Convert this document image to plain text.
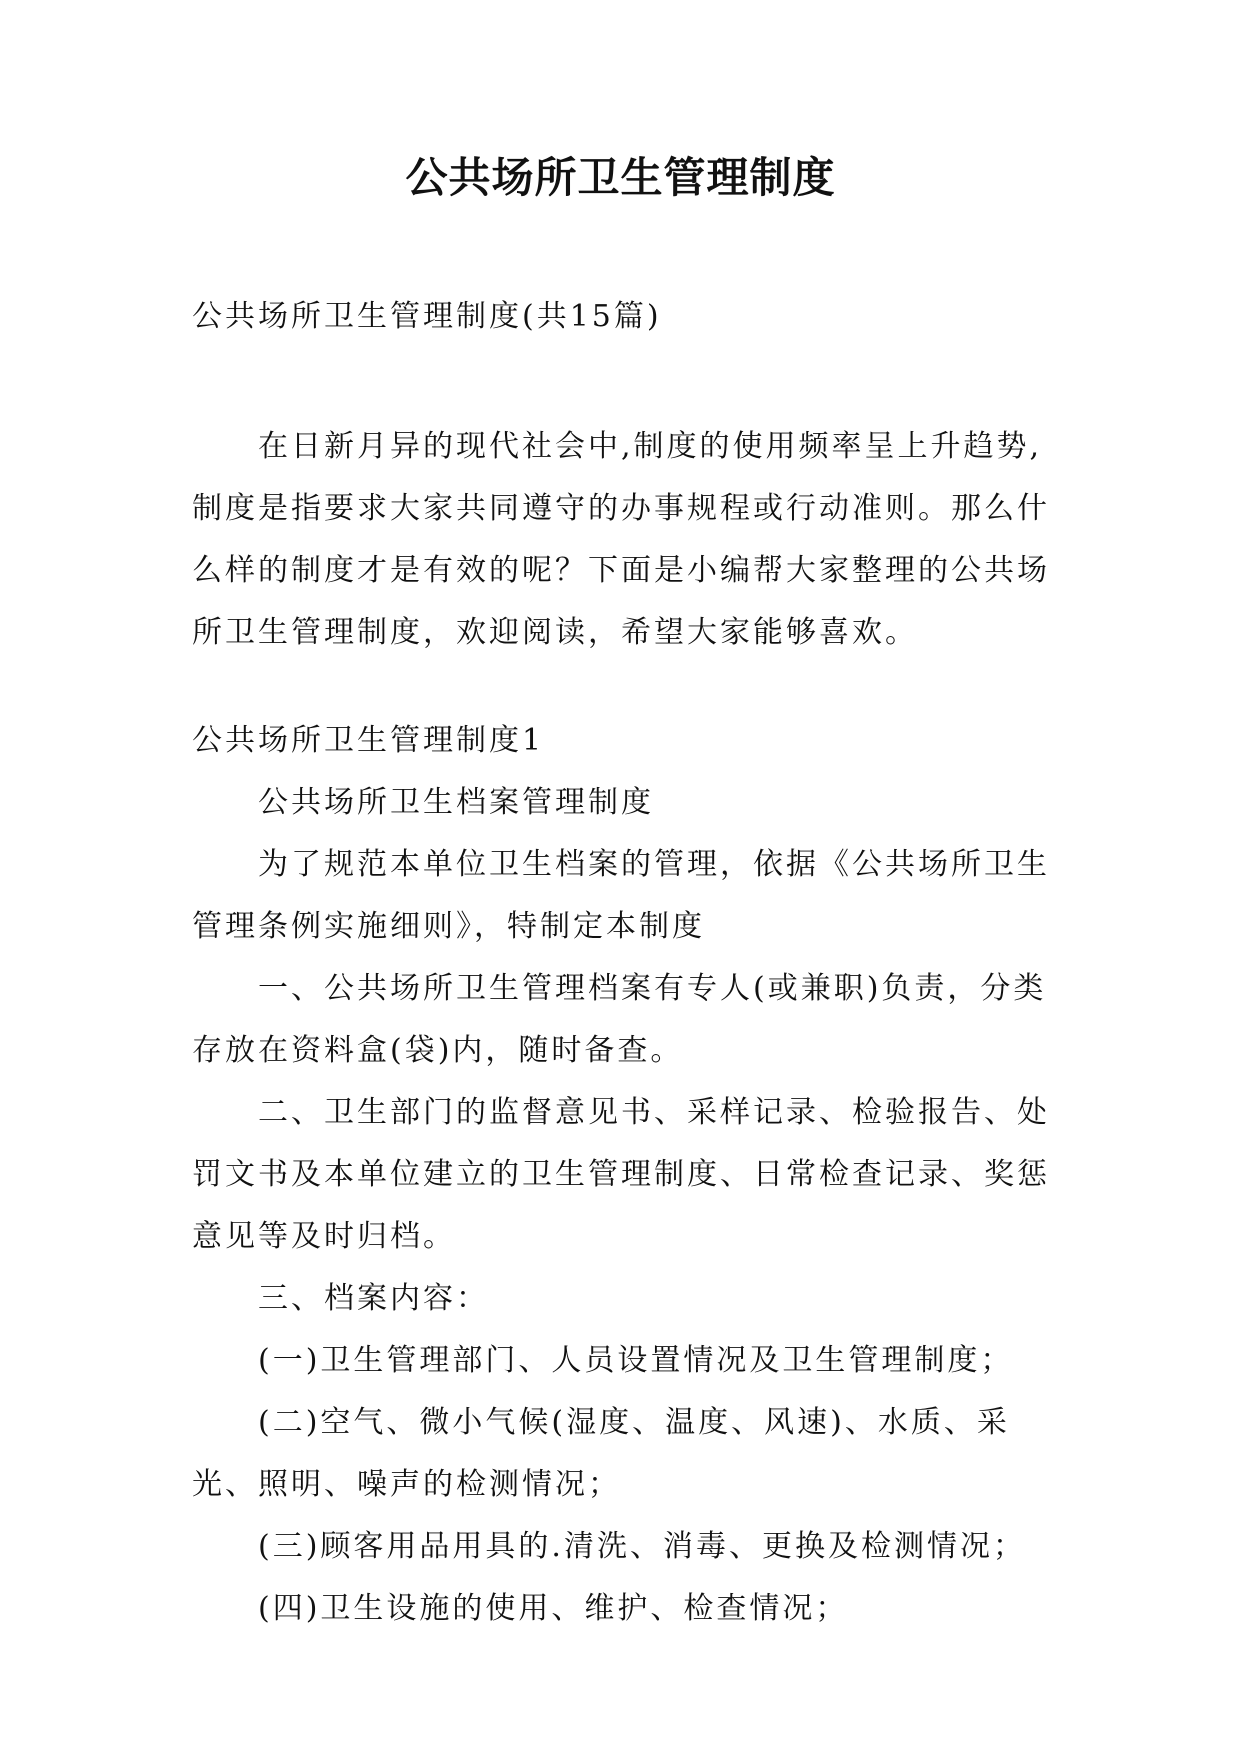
公共场所卫生管理制度

公共场所卫生管理制度(共15篇)

在日新月异的现代社会中,制度的使用频率呈上升趋势,制度是指要求大家共同遵守的办事规程或行动准则。那么什么样的制度才是有效的呢？下面是小编帮大家整理的公共场所卫生管理制度，欢迎阅读，希望大家能够喜欢。

公共场所卫生管理制度1

公共场所卫生档案管理制度

为了规范本单位卫生档案的管理，依据《公共场所卫生管理条例实施细则》，特制定本制度

一、公共场所卫生管理档案有专人(或兼职)负责，分类存放在资料盒(袋)内，随时备查。

二、卫生部门的监督意见书、采样记录、检验报告、处罚文书及本单位建立的卫生管理制度、日常检查记录、奖惩意见等及时归档。

三、档案内容：

(一)卫生管理部门、人员设置情况及卫生管理制度；

(二)空气、微小气候(湿度、温度、风速)、水质、采光、照明、噪声的检测情况；

(三)顾客用品用具的.清洗、消毒、更换及检测情况；

(四)卫生设施的使用、维护、检查情况；
